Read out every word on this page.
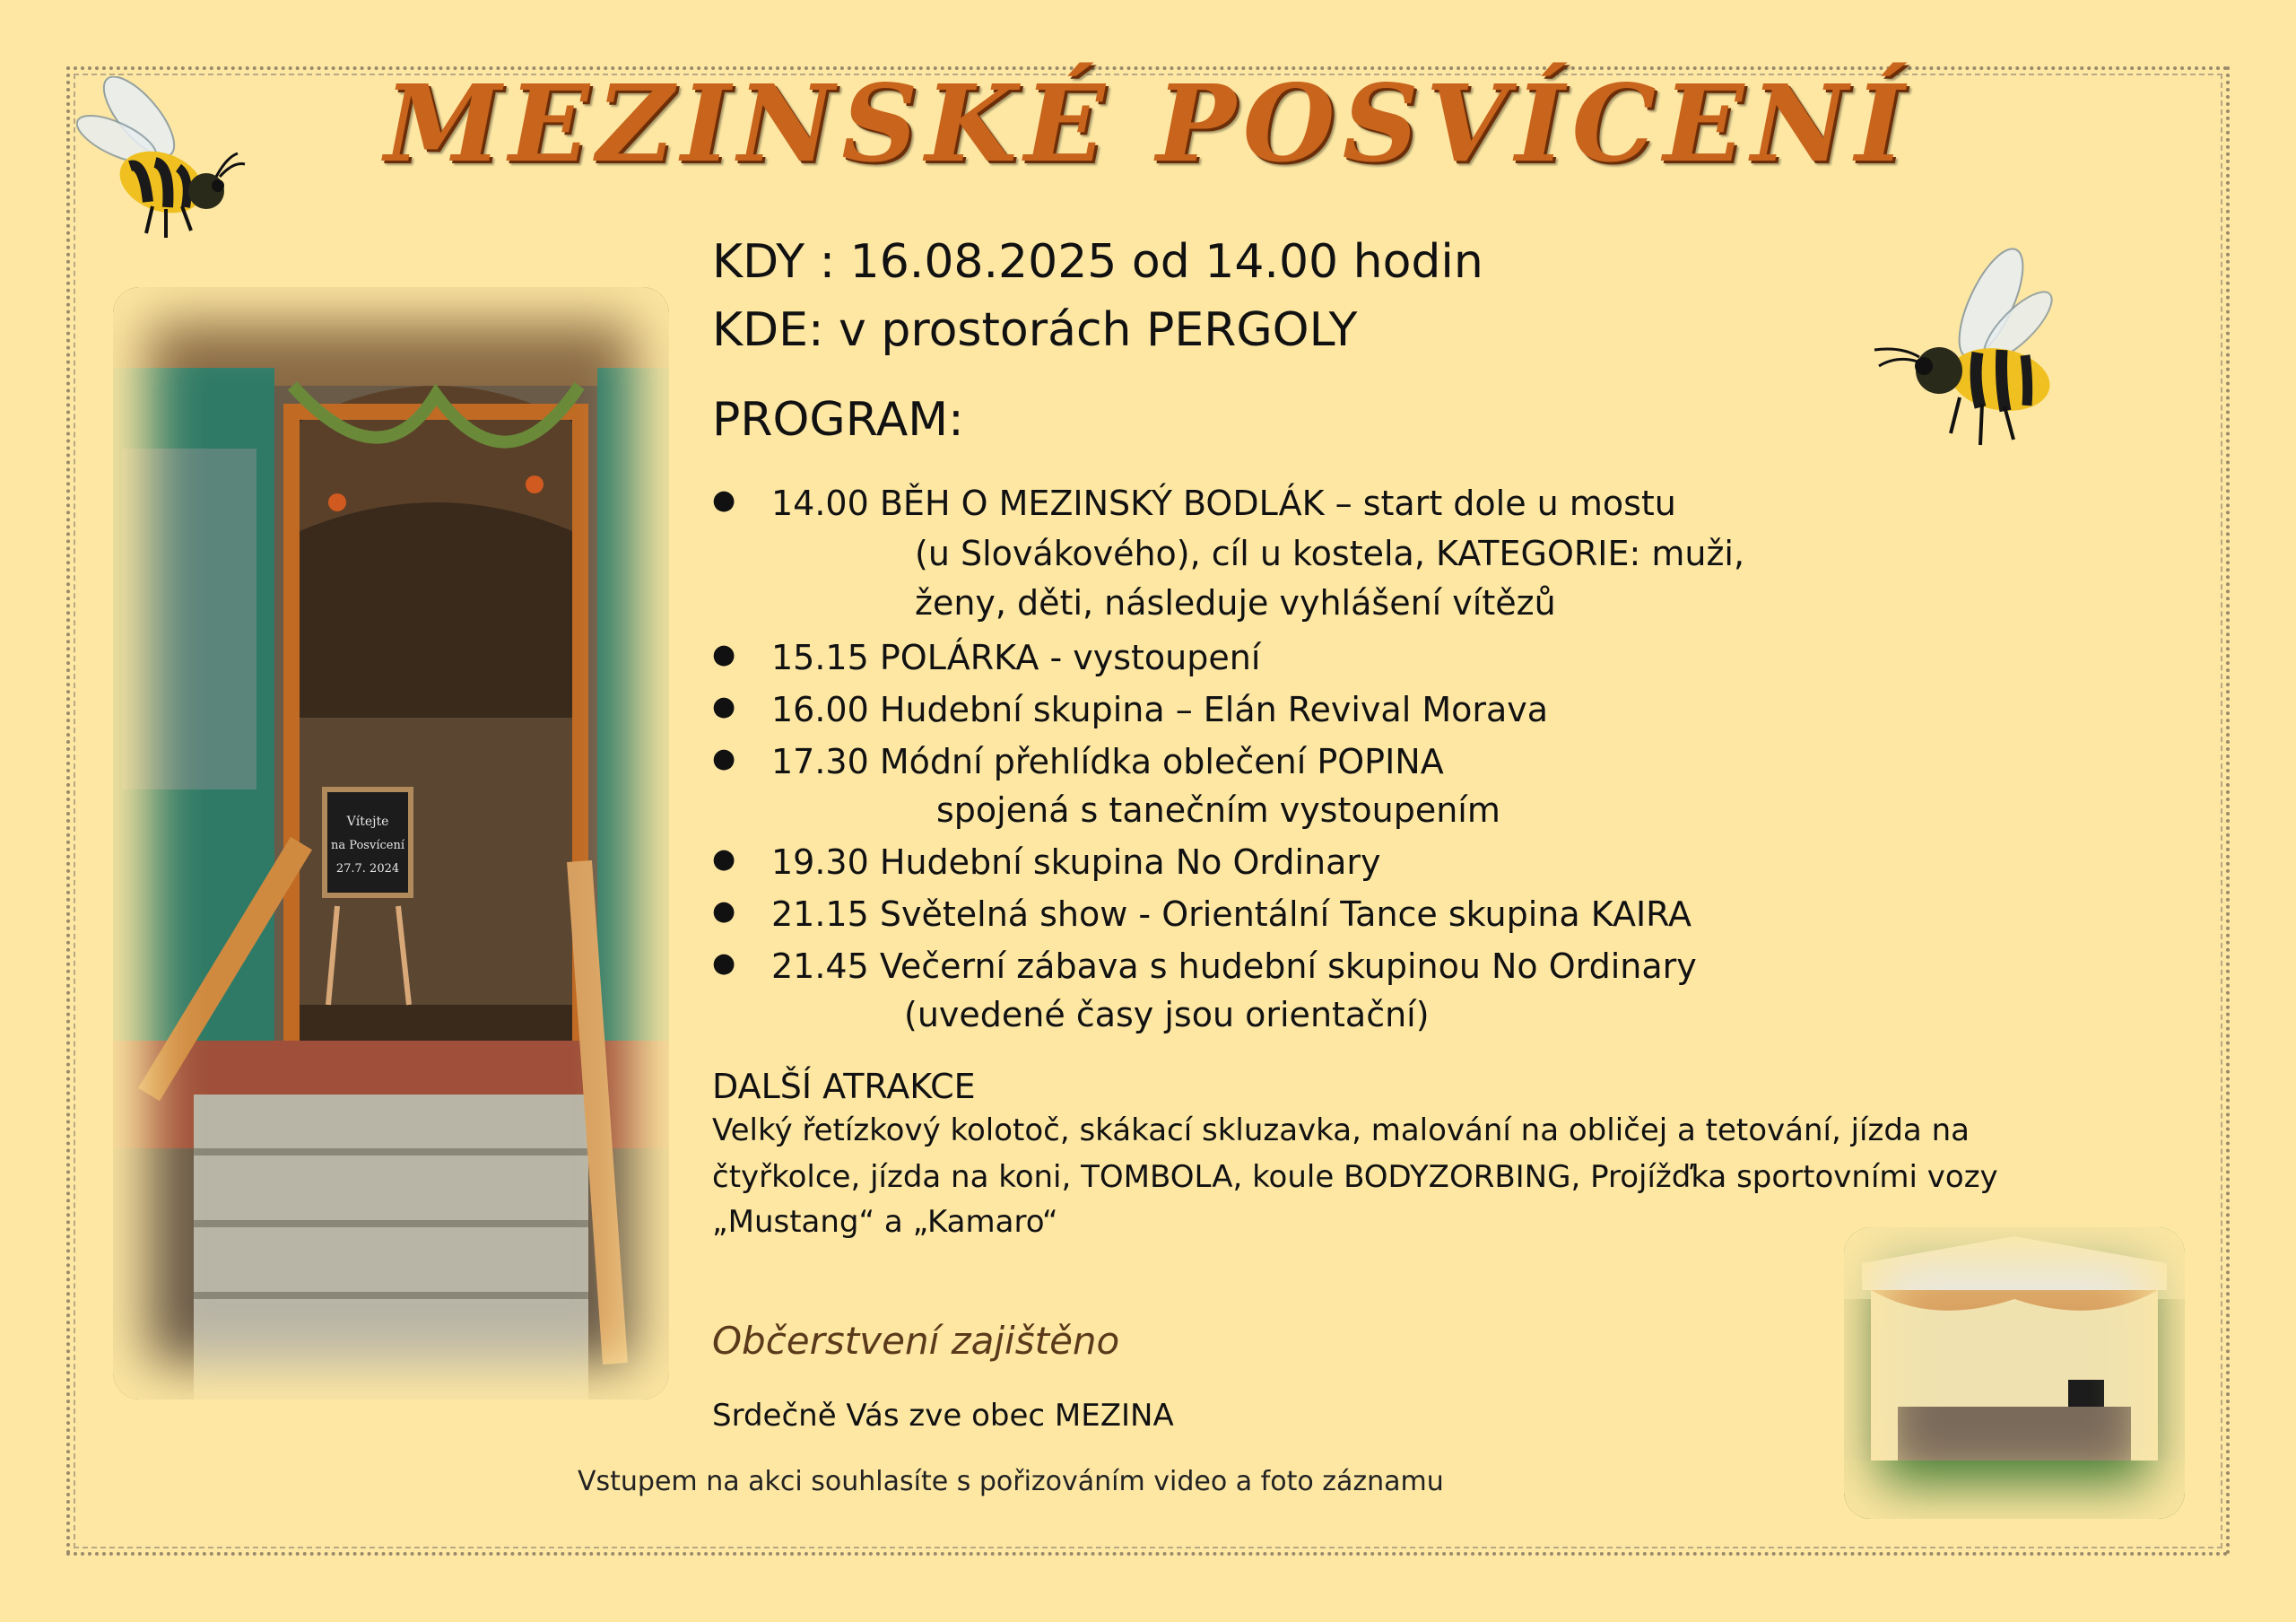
MEZINSKÉ POSVÍCENÍ
Vítejte
na Posvícení
27.7. 2024
KDY : 16.08.2025 od 14.00 hodin
KDE: v prostorách PERGOLY
PROGRAM:
● 14.00 BĚH O MEZINSKÝ BODLÁK – start dole u mostu
(u Slovákového), cíl u kostela, KATEGORIE: muži,
ženy, děti, následuje vyhlášení vítězů
● 15.15 POLÁRKA - vystoupení
● 16.00 Hudební skupina – Elán Revival Morava
● 17.30 Módní přehlídka oblečení POPINA
spojená s tanečním vystoupením
● 19.30 Hudební skupina No Ordinary
● 21.15 Světelná show - Orientální Tance skupina KAIRA
● 21.45 Večerní zábava s hudební skupinou No Ordinary
(uvedené časy jsou orientační)
DALŠÍ ATRAKCE
Velký řetízkový kolotoč, skákací skluzavka, malování na obličej a tetování, jízda na
čtyřkolce, jízda na koni, TOMBOLA, koule BODYZORBING, Projížďka sportovními vozy
„Mustang“ a „Kamaro“
Občerstvení zajištěno
Srdečně Vás zve obec MEZINA
Vstupem na akci souhlasíte s pořizováním video a foto záznamu
